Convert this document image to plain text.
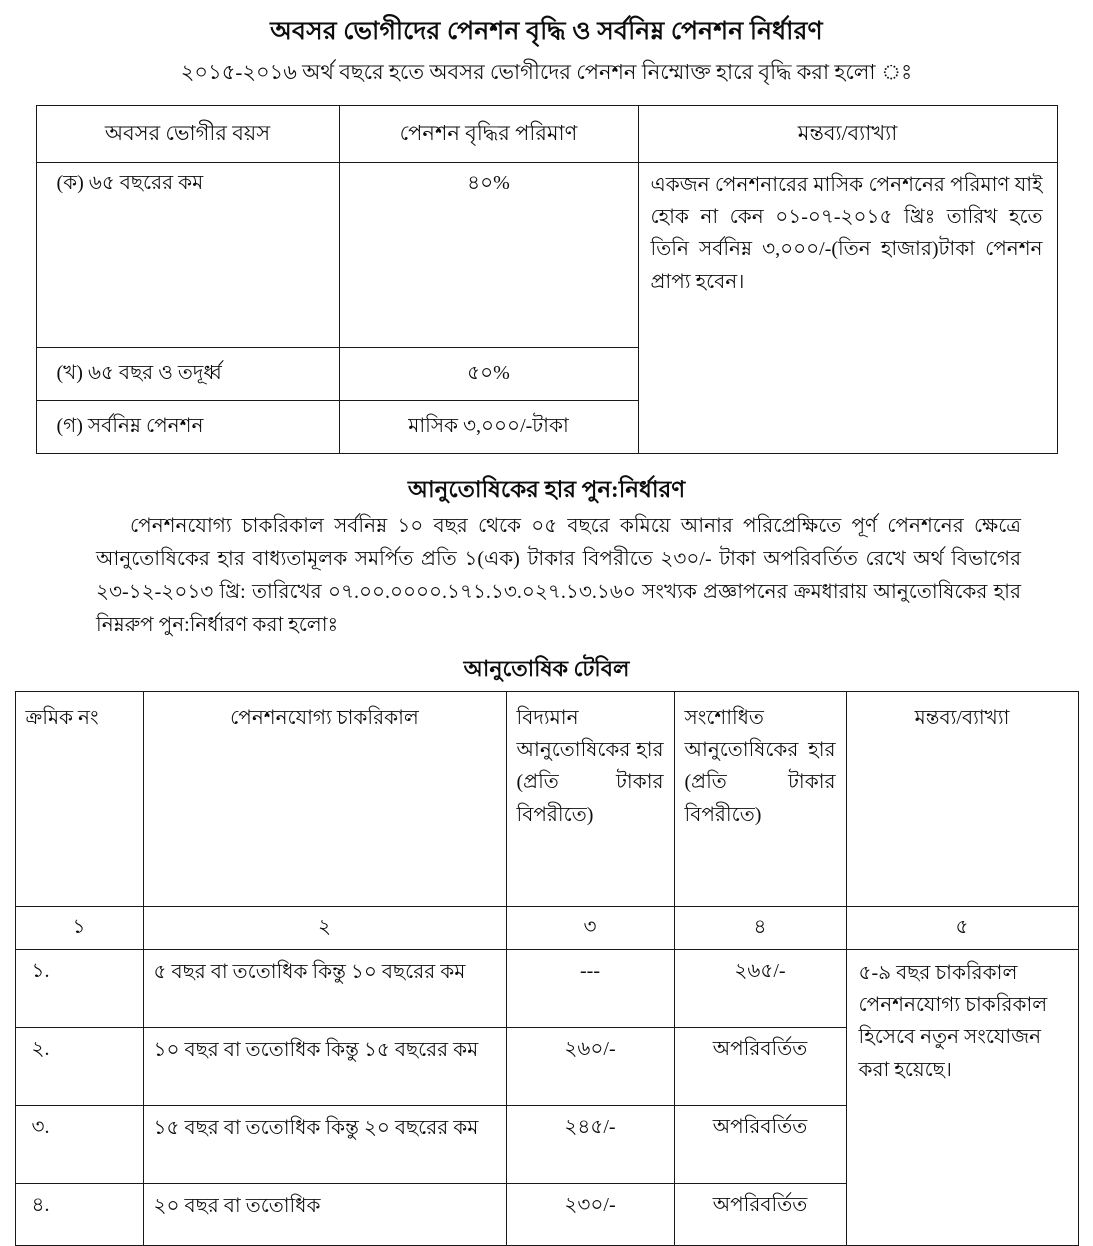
অবসর ভোগীদের পেনশন বৃদ্ধি ও সর্বনিম্ন পেনশন নির্ধারণ

২০১৫-২০১৬ অর্থ বছরে হতে অবসর ভোগীদের পেনশন নিম্মোক্ত হারে বৃদ্ধি করা হলো ঃ

অবসর ভোগীর বয়স	পেনশন বৃদ্ধির পরিমাণ	মন্তব্য/ব্যাখ্যা
(ক) ৬৫ বছরের কম	৪০%	একজন পেনশনারের মাসিক পেনশনের পরিমাণ যাই হোক না কেন ০১-০৭-২০১৫ খ্রিঃ তারিখ হতে তিনি সর্বনিম্ন ৩,০০০/-(তিন হাজার)টাকা পেনশন প্রাপ্য হবেন।
(খ) ৬৫ বছর ও তদূর্ধ্ব	৫০%	
(গ) সর্বনিম্ন পেনশন	মাসিক ৩,০০০/-টাকা	
আনুতোষিকের হার পুন:নির্ধারণ

পেনশনযোগ্য চাকরিকাল সর্বনিম্ন ১০ বছর থেকে ০৫ বছরে কমিয়ে আনার পরিপ্রেক্ষিতে পূর্ণ পেনশনের ক্ষেত্রে আনুতোষিকের হার বাধ্যতামূলক সমর্পিত প্রতি ১(এক) টাকার বিপরীতে ২৩০/- টাকা অপরিবর্তিত রেখে অর্থ বিভাগের ২৩-১২-২০১৩ খ্রি: তারিখের ০৭.০০.০০০০.১৭১.১৩.০২৭.১৩.১৬০ সংখ্যক প্রজ্ঞাপনের ক্রমধারায় আনুতোষিকের হার নিম্নরুপ পুন:নির্ধারণ করা হলোঃ

আনুতোষিক টেবিল
ক্রমিক নং	পেনশনযোগ্য চাকরিকাল	বিদ্যমান আনুতোষিকের হার (প্রতি টাকার বিপরীতে)	সংশোধিত আনুতোষিকের হার (প্রতি টাকার বিপরীতে)	মন্তব্য/ব্যাখ্যা
১	২	৩	৪	৫
১.	৫ বছর বা ততোধিক কিন্তু ১০ বছরের কম	---	২৬৫/-	৫-৯ বছর চাকরিকাল পেনশনযোগ্য চাকরিকাল হিসেবে নতুন সংযোজন করা হয়েছে।
২.	১০ বছর বা ততোধিক কিন্তু ১৫ বছরের কম	২৬০/-	অপরিবর্তিত	
৩.	১৫ বছর বা ততোধিক কিন্তু ২০ বছরের কম	২৪৫/-	অপরিবর্তিত	
৪.	২০ বছর বা ততোধিক	২৩০/-	অপরিবর্তিত	
